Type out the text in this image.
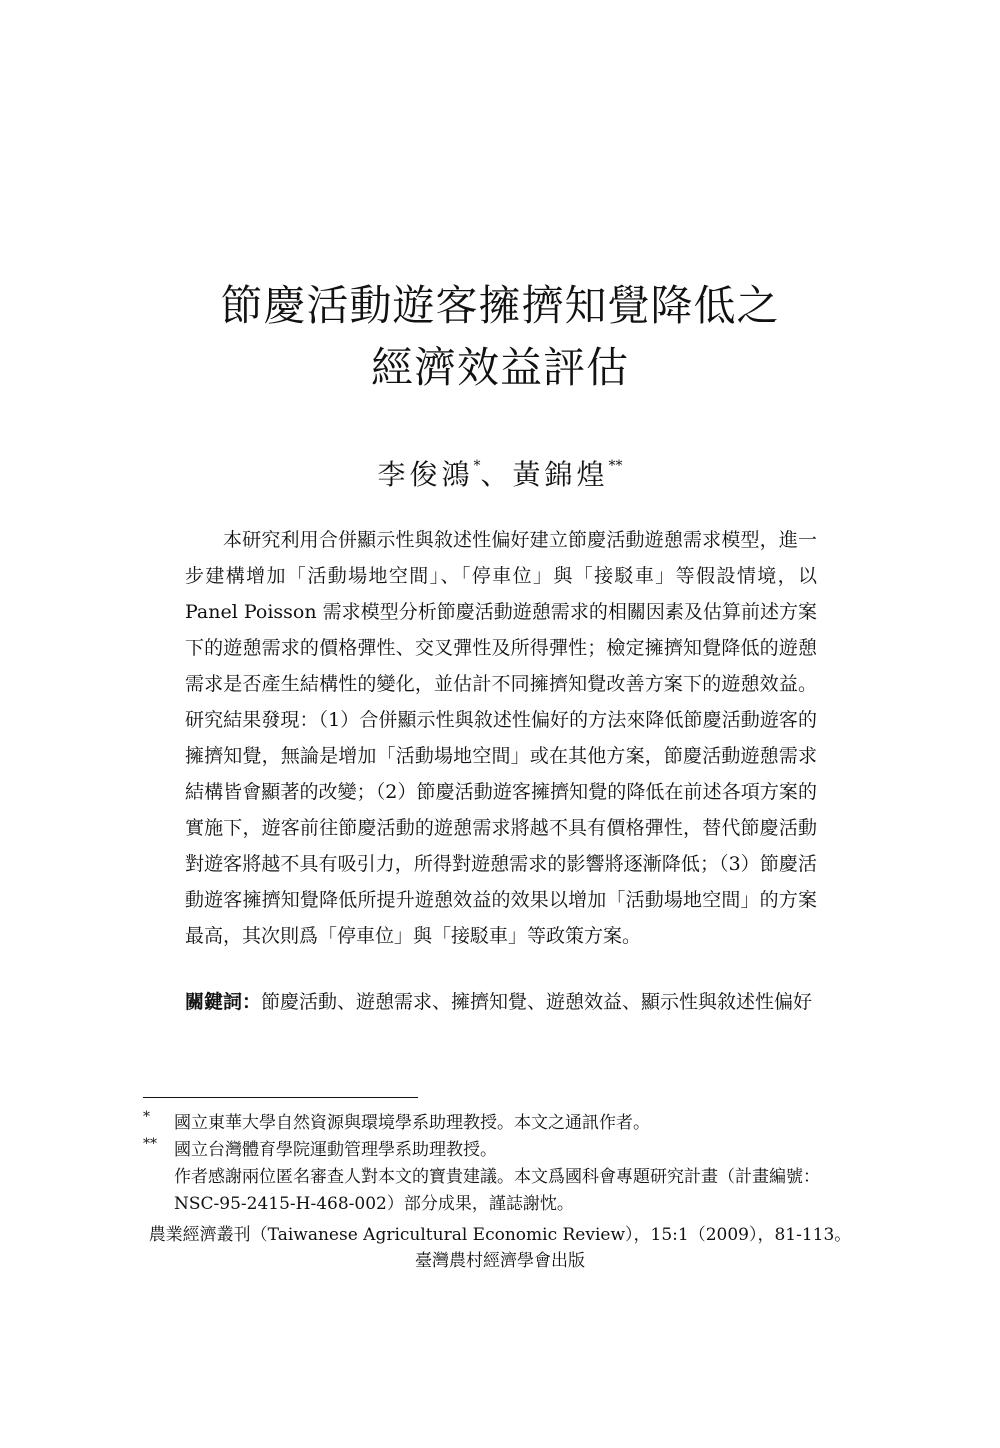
節慶活動遊客擁擠知覺降低之
經濟效益評估
李俊鴻*、黃錦煌**

本研究利用合併顯示性與敘述性偏好建立節慶活動遊憩需求模型，進一步建構增加「活動場地空間」、「停車位」與「接駁車」等假設情境，以 Panel Poisson 需求模型分析節慶活動遊憩需求的相關因素及估算前述方案下的遊憩需求的價格彈性、交叉彈性及所得彈性；檢定擁擠知覺降低的遊憩需求是否產生結構性的變化，並估計不同擁擠知覺改善方案下的遊憩效益。研究結果發現：（1）合併顯示性與敘述性偏好的方法來降低節慶活動遊客的擁擠知覺，無論是增加「活動場地空間」或在其他方案，節慶活動遊憩需求結構皆會顯著的改變；（2）節慶活動遊客擁擠知覺的降低在前述各項方案的實施下，遊客前往節慶活動的遊憩需求將越不具有價格彈性，替代節慶活動對遊客將越不具有吸引力，所得對遊憩需求的影響將逐漸降低；（3）節慶活動遊客擁擠知覺降低所提升遊憩效益的效果以增加「活動場地空間」的方案最高，其次則爲「停車位」與「接駁車」等政策方案。

關鍵詞： 節慶活動、遊憩需求、擁擠知覺、遊憩效益、顯示性與敘述性偏好
* 國立東華大學自然資源與環境學系助理教授。本文之通訊作者。
** 國立台灣體育學院運動管理學系助理教授。
作者感謝兩位匿名審查人對本文的寶貴建議。本文爲國科會專題研究計畫（計畫編號：NSC-95-2415-H-468-002）部分成果，謹誌謝忱。
農業經濟叢刊（Taiwanese Agricultural Economic Review），15:1（2009），81-113。
臺灣農村經濟學會出版
